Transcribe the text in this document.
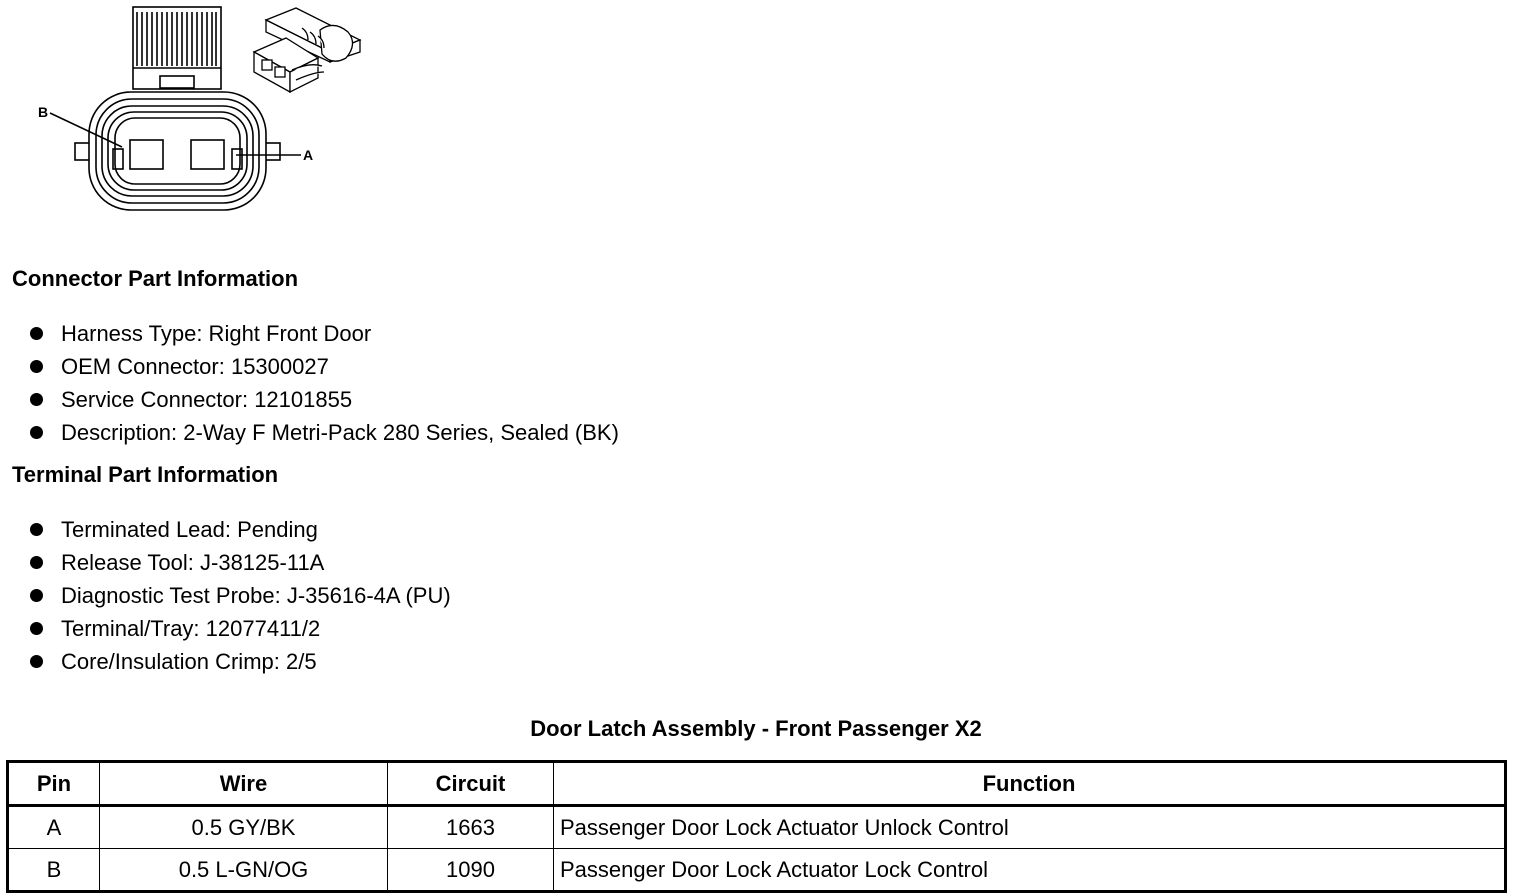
B
A
Connector Part Information
Harness Type: Right Front Door
OEM Connector: 15300027
Service Connector: 12101855
Description: 2-Way F Metri-Pack 280 Series, Sealed (BK)
Terminal Part Information
Terminated Lead: Pending
Release Tool: J-38125-11A
Diagnostic Test Probe: J-35616-4A (PU)
Terminal/Tray: 12077411/2
Core/Insulation Crimp: 2/5
Door Latch Assembly - Front Passenger X2
Pin	Wire	Circuit	Function
A	0.5 GY/BK	1663	Passenger Door Lock Actuator Unlock Control
B	0.5 L-GN/OG	1090	Passenger Door Lock Actuator Lock Control
